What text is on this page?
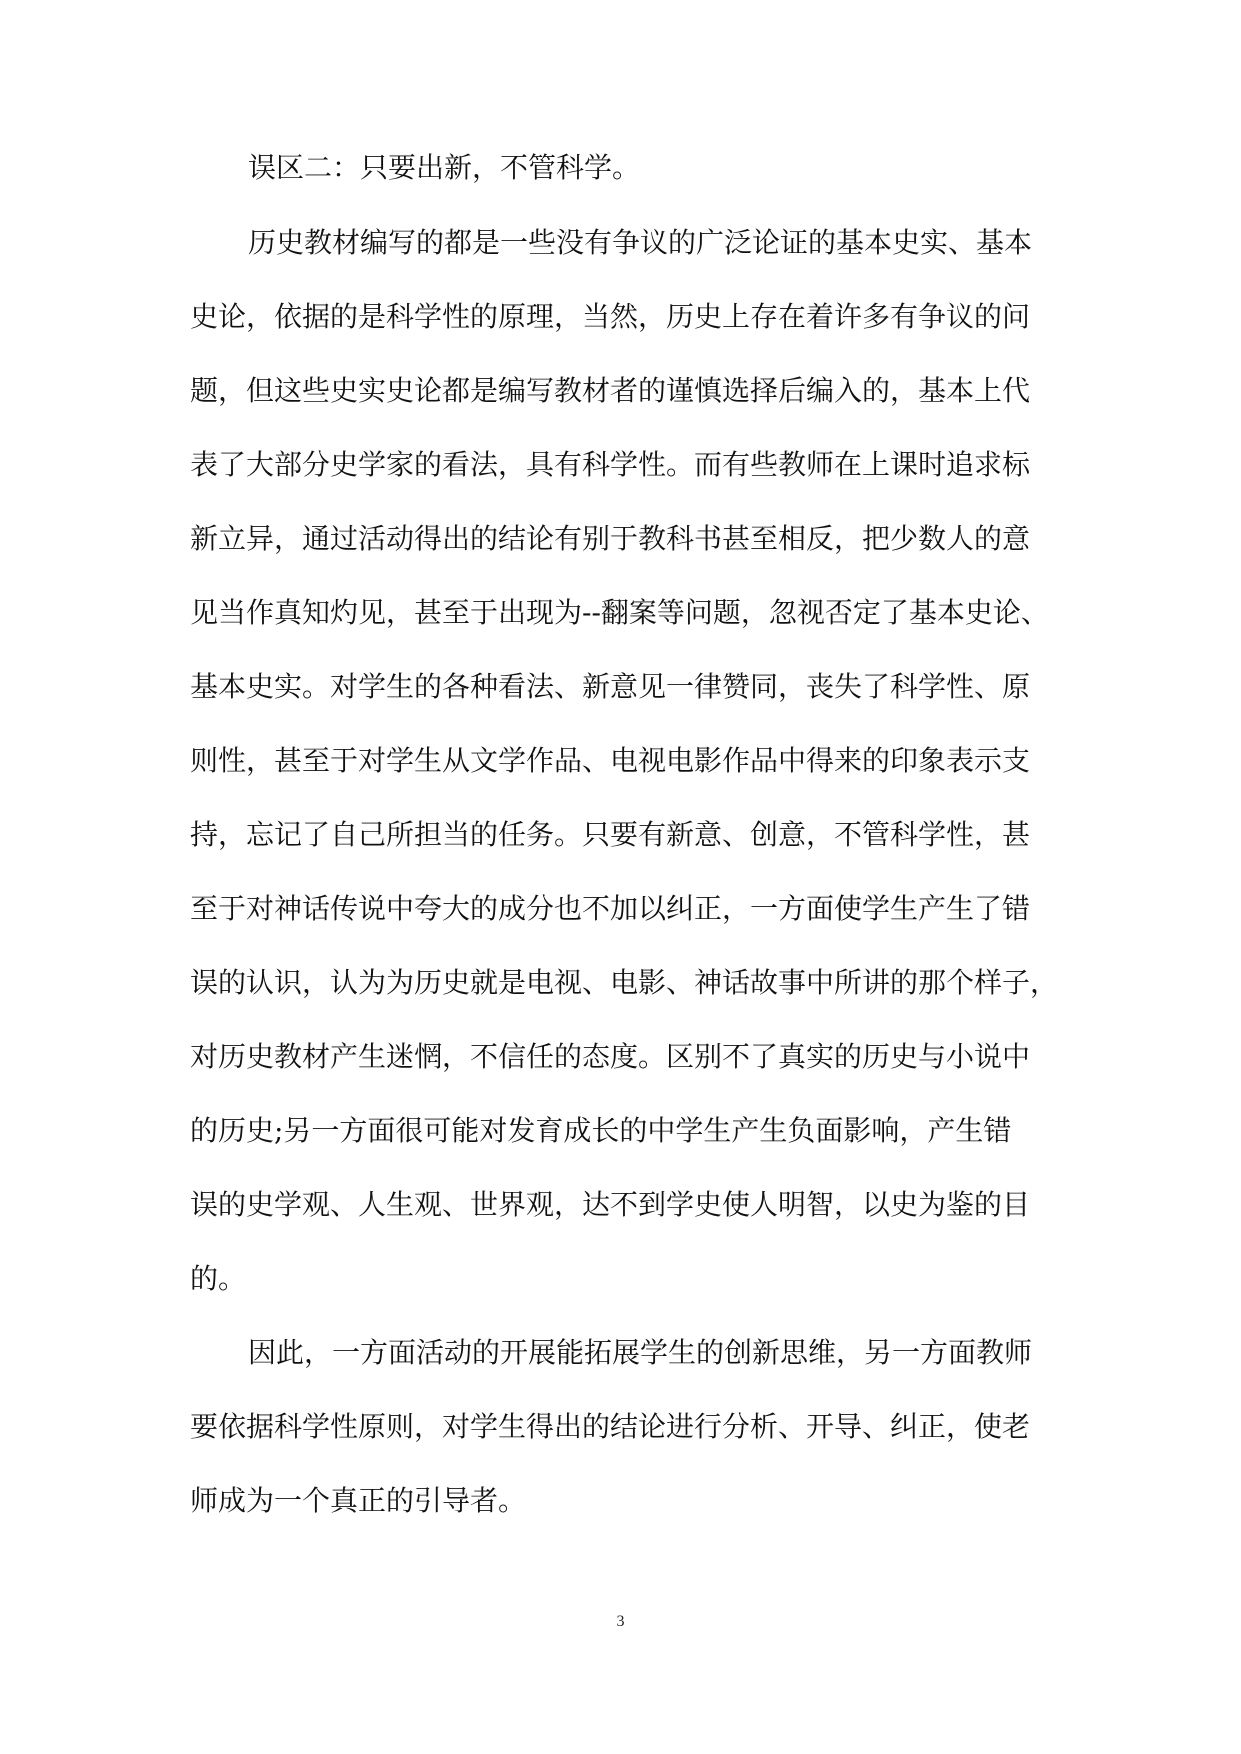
误区二：只要出新，不管科学。
历史教材编写的都是一些没有争议的广泛论证的基本史实、基本
史论，依据的是科学性的原理，当然，历史上存在着许多有争议的问
题，但这些史实史论都是编写教材者的谨慎选择后编入的，基本上代
表了大部分史学家的看法，具有科学性。而有些教师在上课时追求标
新立异，通过活动得出的结论有别于教科书甚至相反，把少数人的意
见当作真知灼见，甚至于出现为--翻案等问题，忽视否定了基本史论、
基本史实。对学生的各种看法、新意见一律赞同，丧失了科学性、原
则性，甚至于对学生从文学作品、电视电影作品中得来的印象表示支
持，忘记了自己所担当的任务。只要有新意、创意，不管科学性，甚
至于对神话传说中夸大的成分也不加以纠正，一方面使学生产生了错
误的认识，认为为历史就是电视、电影、神话故事中所讲的那个样子，
对历史教材产生迷惘，不信任的态度。区别不了真实的历史与小说中
的历史;另一方面很可能对发育成长的中学生产生负面影响，产生错
误的史学观、人生观、世界观，达不到学史使人明智，以史为鉴的目
的。
因此，一方面活动的开展能拓展学生的创新思维，另一方面教师
要依据科学性原则，对学生得出的结论进行分析、开导、纠正，使老
师成为一个真正的引导者。
3
